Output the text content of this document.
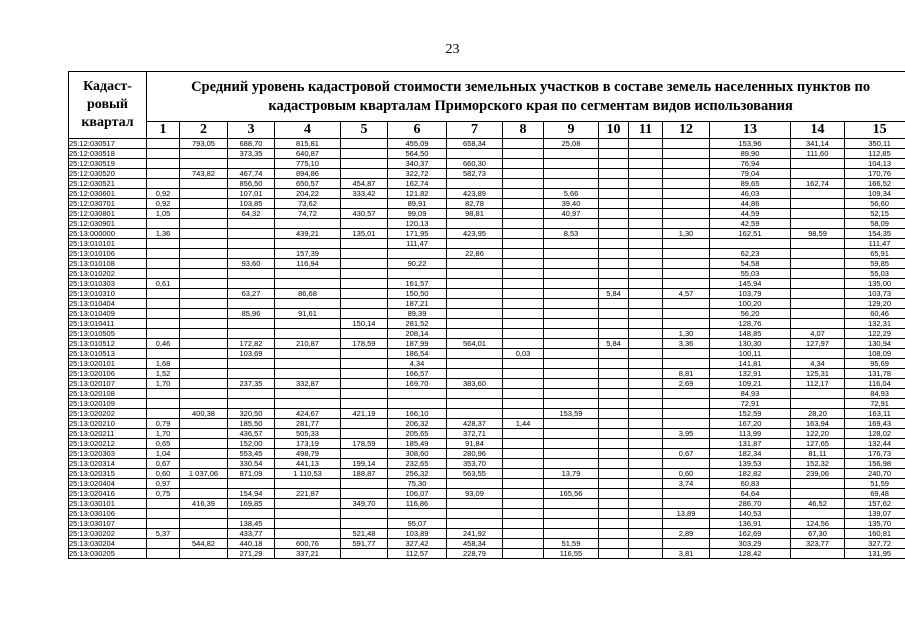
23
Кадаст-ровый квартал	Средний уровень кадастровой стоимости земельных участков в составе земель населенных пунктов по кадастровым кварталам Приморского края по сегментам видов использования														
	1	2	3	4	5	6	7	8	9	10	11	12	13	14	15
25:12:030517		793,05	688,70	815,81		455,09	658,34		25,08				153,96	341,14	350,11
25:12:030518			373,35	640,87		564,50							89,90	111,60	112,85
25:12:030519				775,10		340,37	660,30						76,94		104,13
25:12:030520		743,82	467,74	894,86		322,72	582,73						79,04		170,76
25:12:030521			856,50	650,57	454,87	162,74							89,65	162,74	166,52
25:12:030601	0,92		107,01	204,22	333,42	121,82	423,89		5,66				46,03		109,34
25:12:030701	0,92		103,85	73,62		89,91	82,78		39,40				44,86		56,60
25:12:030801	1,05		64,32	74,72	430,57	99,09	98,81		40,97				44,59		52,15
25:12:030901						120,13							42,59		58,09
25:13:000000	1,36			439,21	135,01	171,95	423,95		8,53			1,30	162,51	98,59	154,35
25:13:010101						111,47									111,47
25:13:010106				157,39			22,86						62,23		65,91
25:13:010108			93,60	116,94		90,22							54,58		59,85
25:13:010202													55,03		55,03
25:13:010303	0,61					161,57							145,94		135,00
25:13:010310			63,27	86,68		150,50				5,84		4,57	103,79		103,73
25:13:010404						187,21							100,20		129,20
25:13:010409			85,96	91,61		89,39							56,20		60,46
25:13:010411					150,14	281,52							128,76		132,31
25:13:010505						208,14						1,30	148,85	4,07	122,29
25:13:010512	0,46		172,82	210,87	178,59	187,99	564,01			5,84		3,36	130,30	127,97	130,94
25:13:010513			103,69			186,54		0,03					100,11		108,09
25:13:020101	1,68					4,34							141,81	4,34	95,69
25:13:020106	1,52					166,57						8,81	132,91	125,31	131,78
25:13:020107	1,70		237,35	332,87		169,70	383,60					2,69	109,21	112,17	116,04
25:13:020108													84,93		84,93
25:13:020109													72,91		72,91
25:13:020202		400,38	320,50	424,67	421,19	166,10			153,59				152,59	28,20	163,11
25:13:020210	0,79		185,50	281,77		206,32	428,37	1,44					167,20	163,94	169,43
25:13:020211	1,70		436,57	505,33		205,65	372,71					3,95	113,99	122,20	128,02
25:13:020212	0,65		152,00	173,19	178,59	185,49	91,84						131,87	127,65	132,44
25:13:020303	1,04		553,45	498,79		308,60	280,96					0,67	182,34	81,11	176,73
25:13:020314	0,67		330,54	441,13	199,14	232,65	353,70						139,53	152,32	156,98
25:13:020315	0,60	1 037,06	871,09	1 110,53	188,87	256,32	563,55		13,79			0,60	182,82	239,06	240,70
25:13:020404	0,97					75,30						3,74	60,83		51,59
25:13:020416	0,75		154,94	221,87		106,07	93,09		165,56				64,64		69,48
25:13:030101		416,39	169,85		349,70	116,86							286,70	46,52	157,62
25:13:030106												13,89	140,53		139,07
25:13:030107			138,45			95,07							136,91	124,56	135,70
25:13:030202	5,37		433,77		521,48	103,89	241,92					2,89	162,69	67,30	160,81
25:13:030204		544,82	440,18	600,76	591,77	327,42	458,34		51,59				303,29	323,77	327,72
25:13:030205			271,29	337,21		112,57	228,79		116,55			3,81	128,42		131,95
